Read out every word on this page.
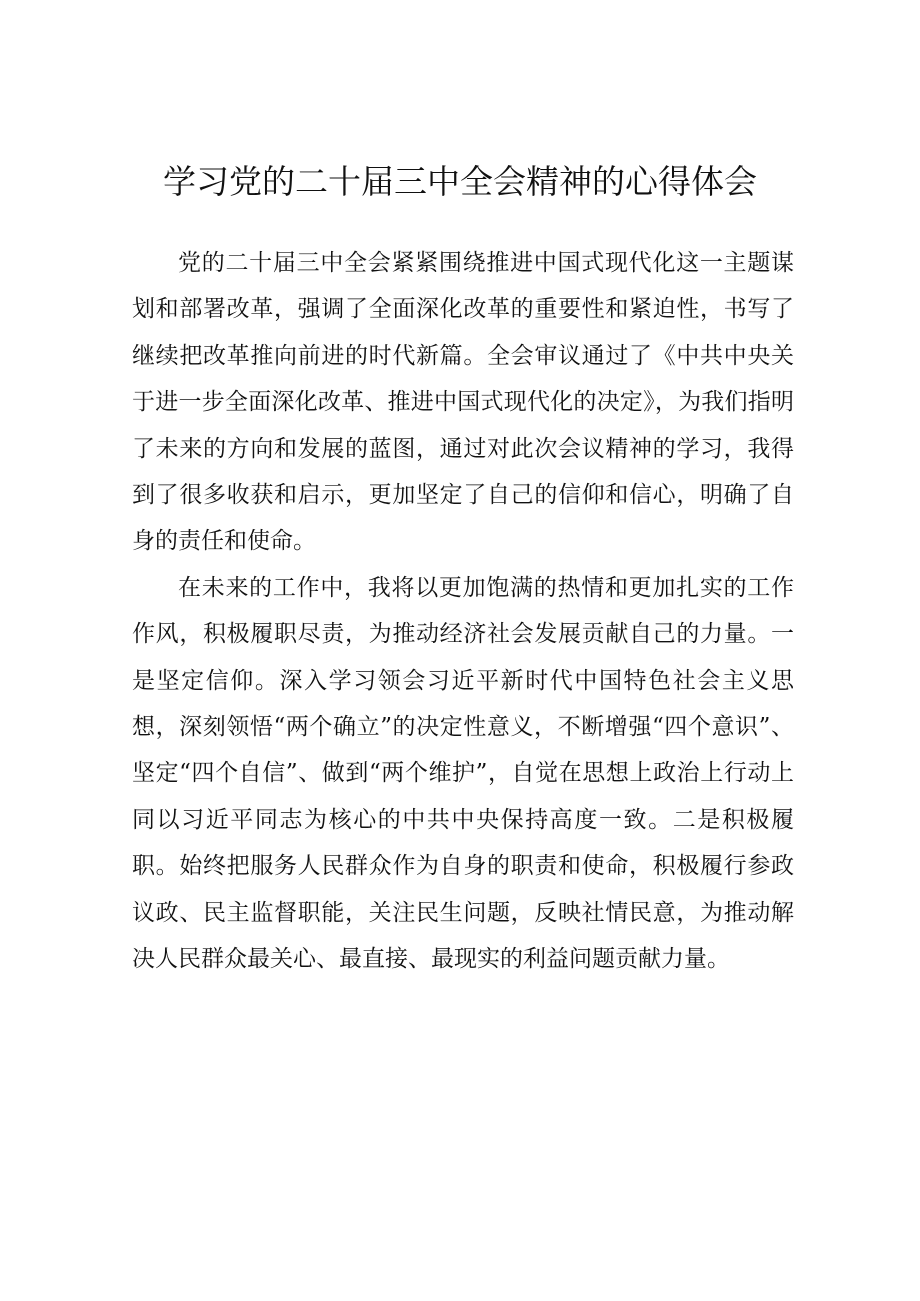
学习党的二十届三中全会精神的心得体会

党的二十届三中全会紧紧围绕推进中国式现代化这一主题谋划和部署改革，强调了全面深化改革的重要性和紧迫性，书写了继续把改革推向前进的时代新篇。全会审议通过了《中共中央关于进一步全面深化改革、推进中国式现代化的决定》，为我们指明了未来的方向和发展的蓝图，通过对此次会议精神的学习，我得到了很多收获和启示，更加坚定了自己的信仰和信心，明确了自身的责任和使命。

在未来的工作中，我将以更加饱满的热情和更加扎实的工作作风，积极履职尽责，为推动经济社会发展贡献自己的力量。一是坚定信仰。深入学习领会习近平新时代中国特色社会主义思想，深刻领悟“两个确立”的决定性意义，不断增强“四个意识”、坚定“四个自信”、做到“两个维护”，自觉在思想上政治上行动上同以习近平同志为核心的中共中央保持高度一致。二是积极履职。始终把服务人民群众作为自身的职责和使命，积极履行参政议政、民主监督职能，关注民生问题，反映社情民意，为推动解决人民群众最关心、最直接、最现实的利益问题贡献力量。
